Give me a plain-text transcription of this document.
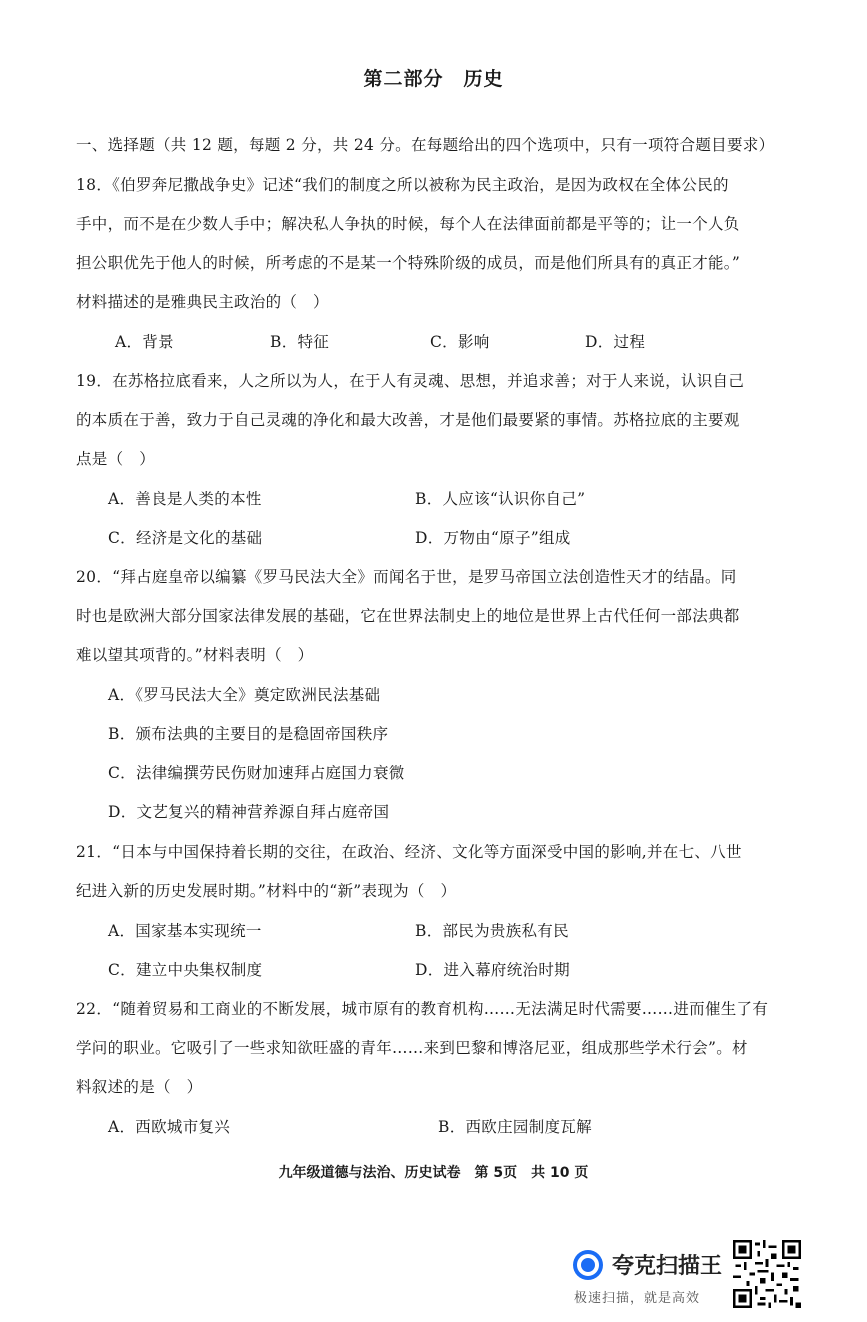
第二部分　历史
一、选择题（共 12 题，每题 2 分，共 24 分。在每题给出的四个选项中，只有一项符合题目要求）
18．《伯罗奔尼撒战争史》记述“我们的制度之所以被称为民主政治，是因为政权在全体公民的
手中，而不是在少数人手中；解决私人争执的时候，每个人在法律面前都是平等的；让一个人负
担公职优先于他人的时候，所考虑的不是某一个特殊阶级的成员，而是他们所具有的真正才能。”
材料描述的是雅典民主政治的（　）
A．背景	B．特征	C．影响	D．过程
19．在苏格拉底看来，人之所以为人，在于人有灵魂、思想，并追求善；对于人来说，认识自己
的本质在于善，致力于自己灵魂的净化和最大改善，才是他们最要紧的事情。苏格拉底的主要观
点是（　）
A．善良是人类的本性	B．人应该“认识你自己”
C．经济是文化的基础	D．万物由“原子”组成
20．“拜占庭皇帝以编纂《罗马民法大全》而闻名于世，是罗马帝国立法创造性天才的结晶。同
时也是欧洲大部分国家法律发展的基础，它在世界法制史上的地位是世界上古代任何一部法典都
难以望其项背的。”材料表明（　）
A．《罗马民法大全》奠定欧洲民法基础
B．颁布法典的主要目的是稳固帝国秩序
C．法律编撰劳民伤财加速拜占庭国力衰微
D．文艺复兴的精神营养源自拜占庭帝国
21．“日本与中国保持着长期的交往，在政治、经济、文化等方面深受中国的影响,并在七、八世
纪进入新的历史发展时期。”材料中的“新”表现为（　）
A．国家基本实现统一	B．部民为贵族私有民
C．建立中央集权制度	D．进入幕府统治时期
22．“随着贸易和工商业的不断发展，城市原有的教育机构……无法满足时代需要……进而催生了有
学问的职业。它吸引了一些求知欲旺盛的青年……来到巴黎和博洛尼亚，组成那些学术行会”。材
料叙述的是（　）
A．西欧城市复兴	B．西欧庄园制度瓦解
九年级道德与法治、历史试卷　第 5页　共 10 页
夸克扫描王
极速扫描，就是高效
